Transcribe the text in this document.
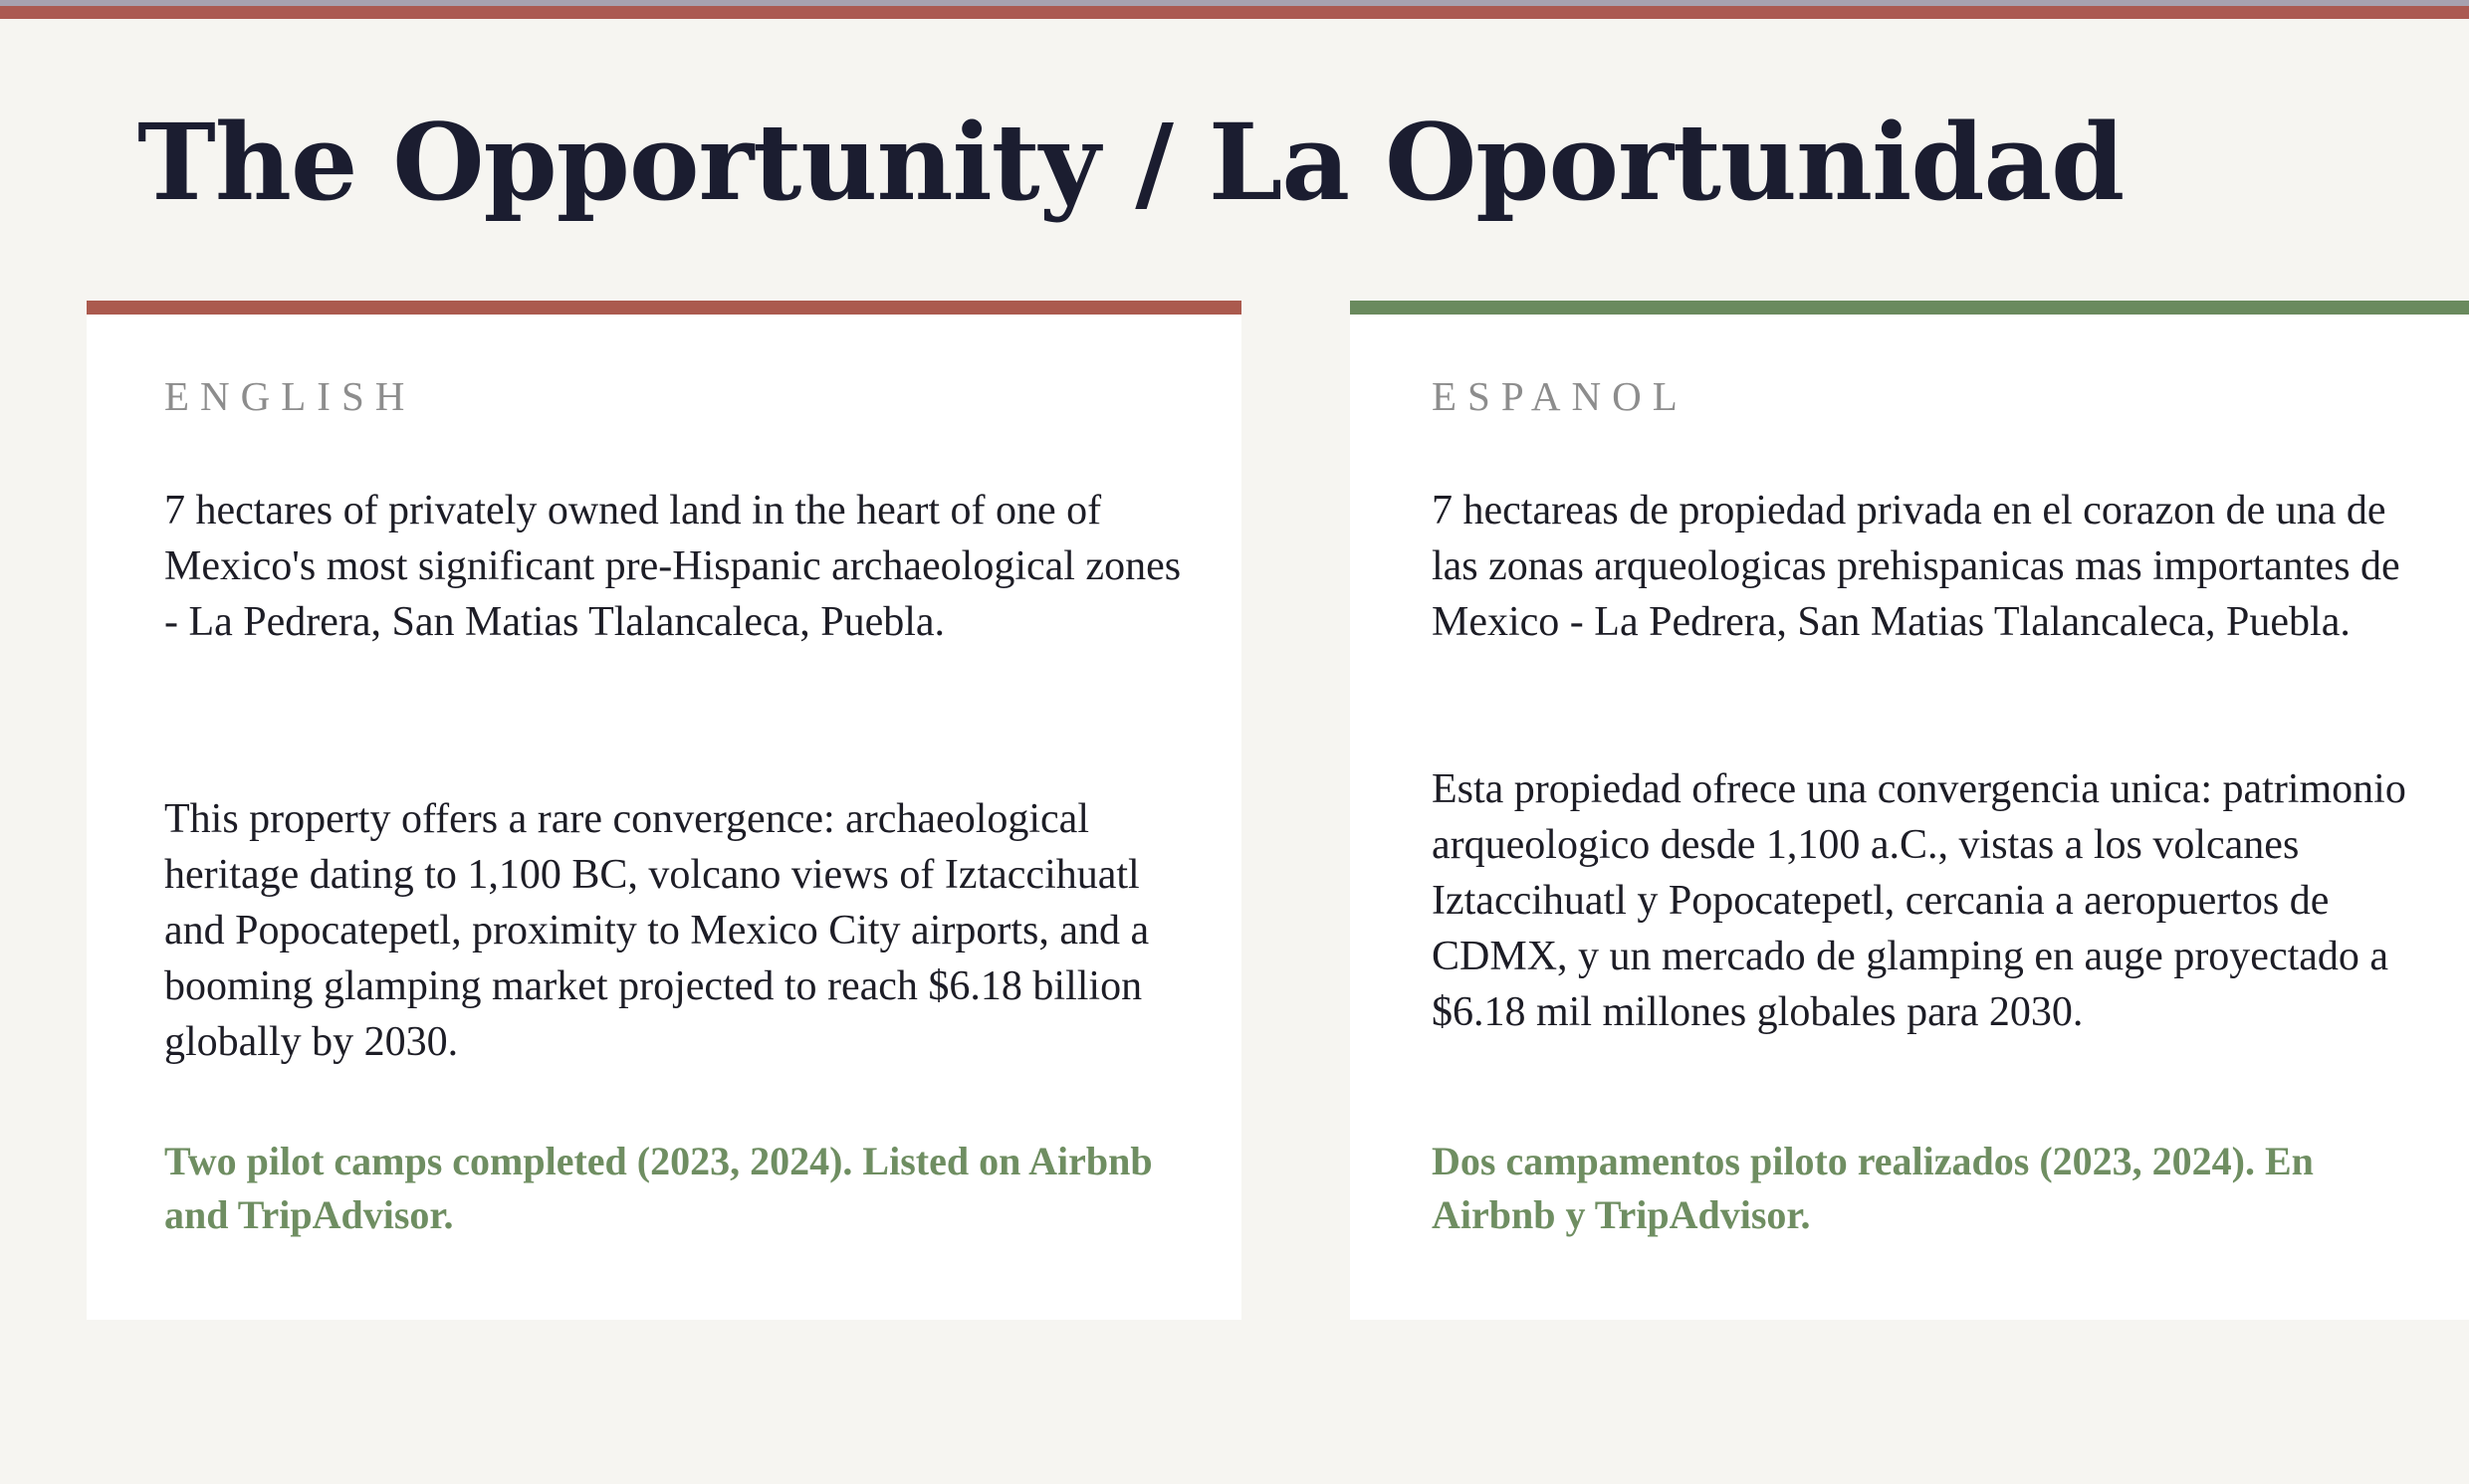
The Opportunity / La Oportunidad
ENGLISH

7 hectares of privately owned land in the heart of one of Mexico's most significant pre-Hispanic archaeological zones - La Pedrera, San Matias Tlalancaleca, Puebla.

This property offers a rare convergence: archaeological heritage dating to 1,100 BC, volcano views of Iztaccihuatl and Popocatepetl, proximity to Mexico City airports, and a booming glamping market projected to reach $6.18 billion globally by 2030.

Two pilot camps completed (2023, 2024). Listed on Airbnb and TripAdvisor.

ESPANOL

7 hectareas de propiedad privada en el corazon de una de las zonas arqueologicas prehispanicas mas importantes de Mexico - La Pedrera, San Matias Tlalancaleca, Puebla.

Esta propiedad ofrece una convergencia unica: patrimonio arqueologico desde 1,100 a.C., vistas a los volcanes Iztaccihuatl y Popocatepetl, cercania a aeropuertos de CDMX, y un mercado de glamping en auge proyectado a $6.18 mil millones globales para 2030.

Dos campamentos piloto realizados (2023, 2024). En Airbnb y TripAdvisor.
